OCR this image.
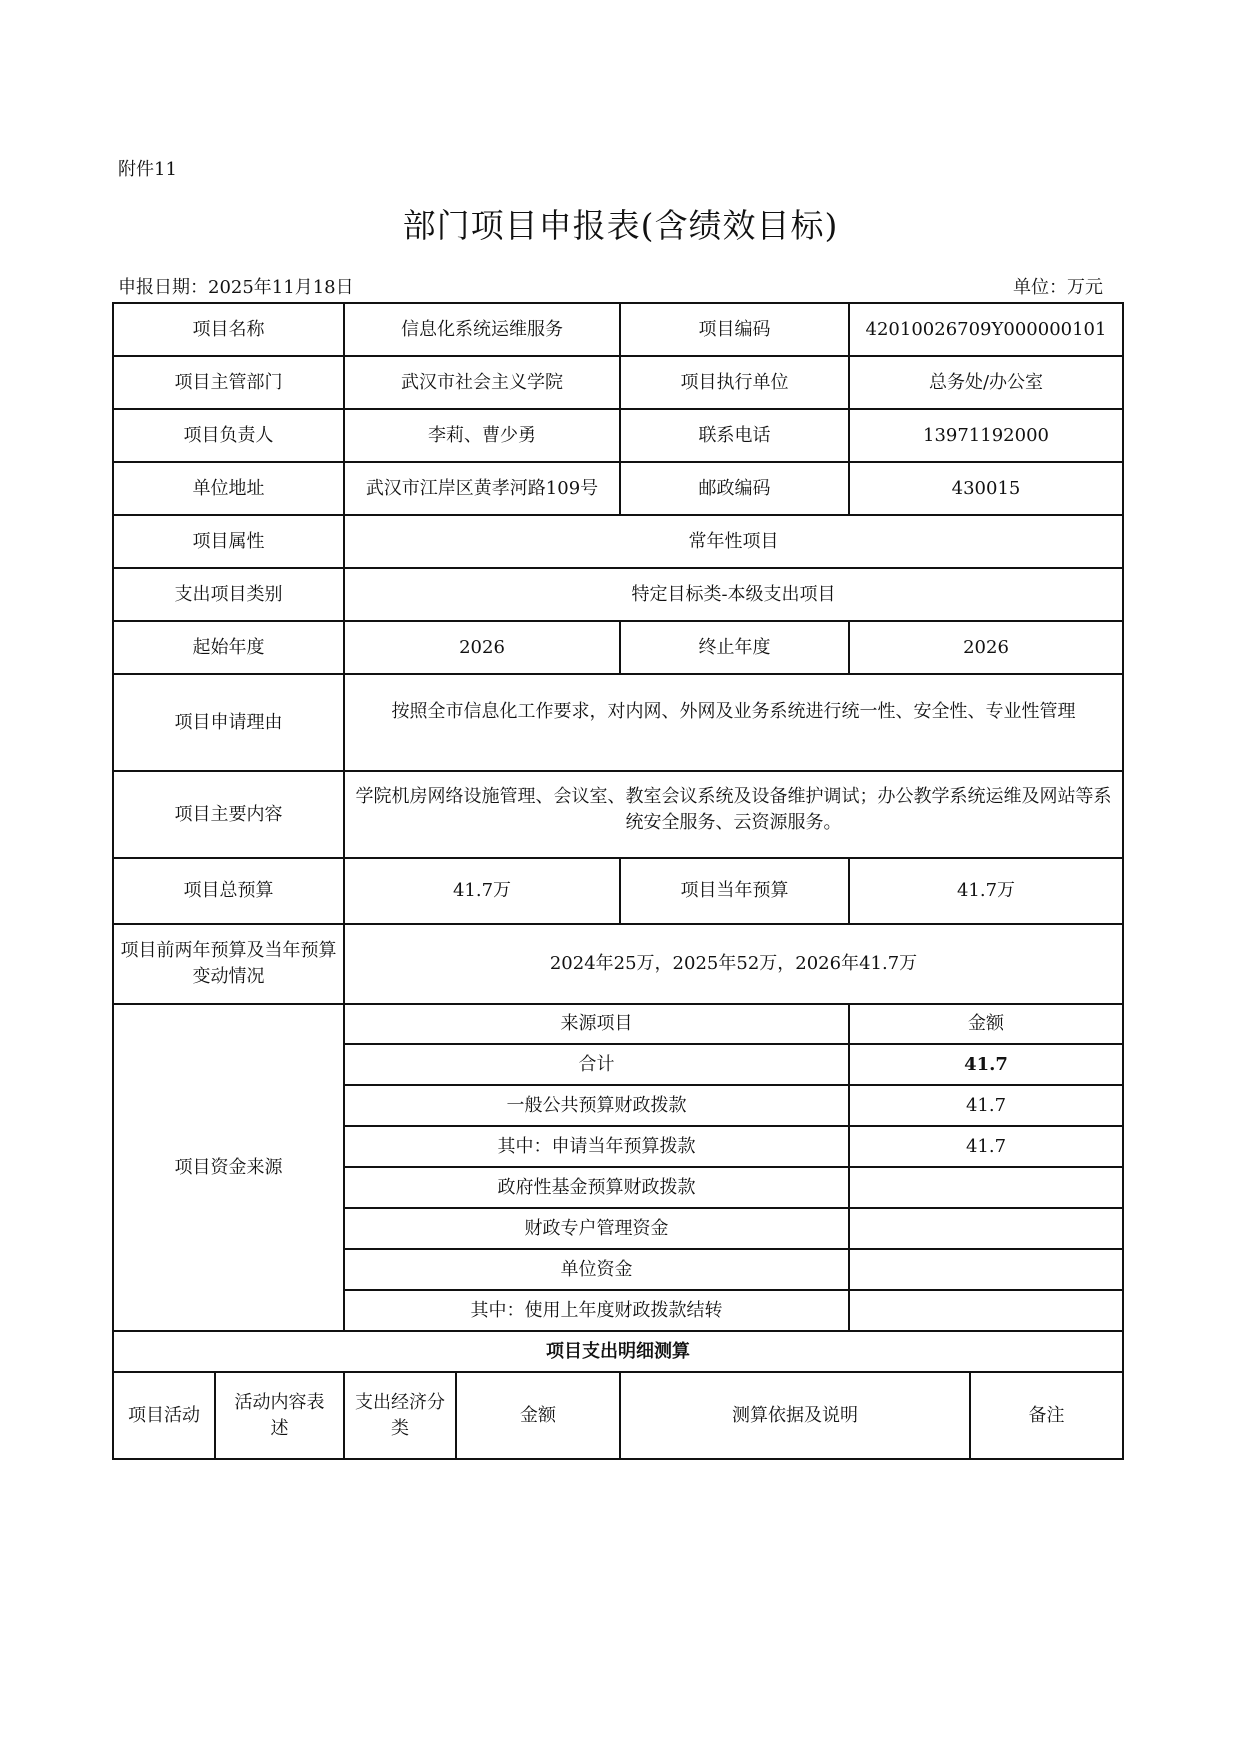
附件11
部门项目申报表(含绩效目标)
申报日期：2025年11月18日	单位：万元
项目名称		信息化系统运维服务		项目编码	42010026709Y000000101	
项目主管部门		武汉市社会主义学院		项目执行单位	总务处/办公室	
项目负责人		李莉、曹少勇		联系电话	13971192000	
单位地址		武汉市江岸区黄孝河路109号		邮政编码	430015	
项目属性		常年性项目				
支出项目类别		特定目标类-本级支出项目				
起始年度		2026		终止年度	2026	
项目申请理由		按照全市信息化工作要求，对内网、外网及业务系统进行统一性、安全性、专业性管理				
项目主要内容		学院机房网络设施管理、会议室、教室会议系统及设备维护调试；办公教学系统运维及网站等系统安全服务、云资源服务。				
项目总预算		41.7万		项目当年预算	41.7万	
项目前两年预算及当年预算变动情况		2024年25万，2025年52万，2026年41.7万				
项目资金来源		来源项目			金额	
		合计			41.7	
		一般公共预算财政拨款			41.7	
		其中：申请当年预算拨款			41.7	
		政府性基金预算财政拨款				
		财政专户管理资金				
		单位资金				
		其中：使用上年度财政拨款结转				
项目支出明细测算						
项目活动	活动内容表述	支出经济分类	金额	测算依据及说明		备注
